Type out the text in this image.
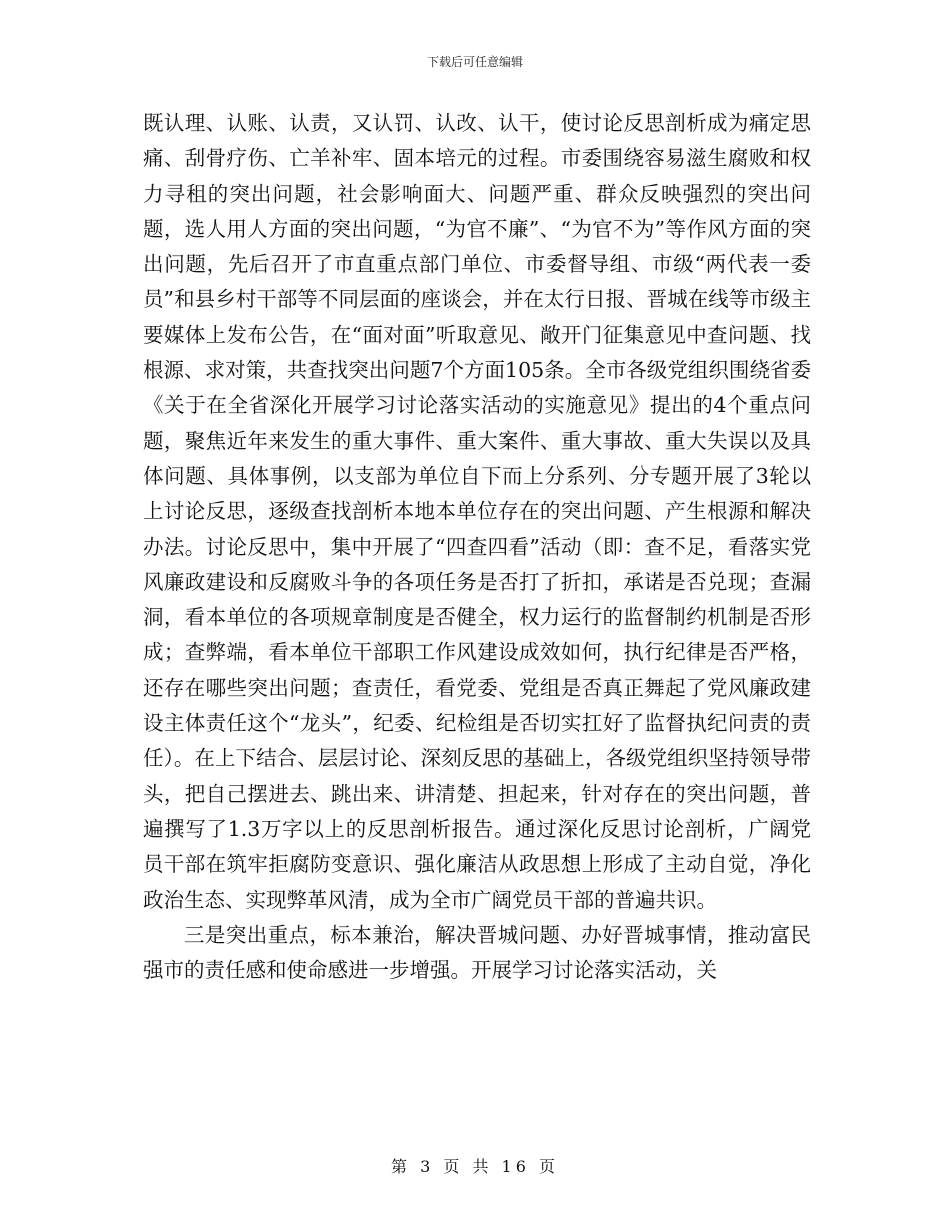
下载后可任意编辑

既认理、认账、认责，又认罚、认改、认干，使讨论反思剖析成为痛定思痛、刮骨疗伤、亡羊补牢、固本培元的过程。市委围绕容易滋生腐败和权力寻租的突出问题，社会影响面大、问题严重、群众反映强烈的突出问题，选人用人方面的突出问题，“为官不廉”、“为官不为”等作风方面的突出问题，先后召开了市直重点部门单位、市委督导组、市级“两代表一委员”和县乡村干部等不同层面的座谈会，并在太行日报、晋城在线等市级主要媒体上发布公告，在“面对面”听取意见、敞开门征集意见中查问题、找根源、求对策，共查找突出问题7个方面105条。全市各级党组织围绕省委《关于在全省深化开展学习讨论落实活动的实施意见》提出的4个重点问题，聚焦近年来发生的重大事件、重大案件、重大事故、重大失误以及具体问题、具体事例，以支部为单位自下而上分系列、分专题开展了3轮以上讨论反思，逐级查找剖析本地本单位存在的突出问题、产生根源和解决办法。讨论反思中，集中开展了“四查四看”活动（即：查不足，看落实党风廉政建设和反腐败斗争的各项任务是否打了折扣，承诺是否兑现；查漏洞，看本单位的各项规章制度是否健全，权力运行的监督制约机制是否形成；查弊端，看本单位干部职工作风建设成效如何，执行纪律是否严格，还存在哪些突出问题；查责任，看党委、党组是否真正舞起了党风廉政建设主体责任这个“龙头”，纪委、纪检组是否切实扛好了监督执纪问责的责任）。在上下结合、层层讨论、深刻反思的基础上，各级党组织坚持领导带头，把自己摆进去、跳出来、讲清楚、担起来，针对存在的突出问题，普遍撰写了1.3万字以上的反思剖析报告。通过深化反思讨论剖析，广阔党员干部在筑牢拒腐防变意识、强化廉洁从政思想上形成了主动自觉，净化政治生态、实现弊革风清，成为全市广阔党员干部的普遍共识。

三是突出重点，标本兼治，解决晋城问题、办好晋城事情，推动富民强市的责任感和使命感进一步增强。开展学习讨论落实活动，关

第 3 页 共 16 页
